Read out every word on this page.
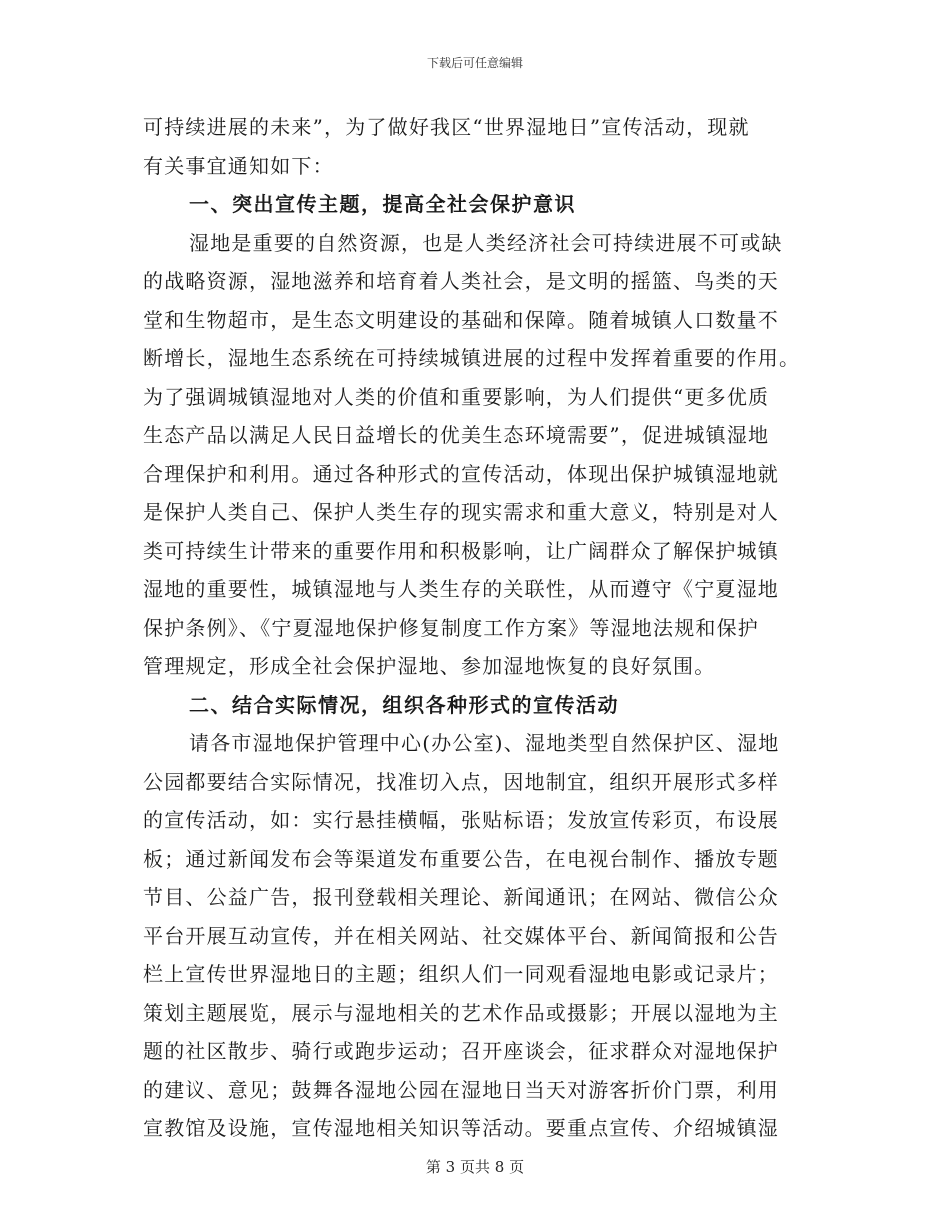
下载后可任意编辑
可持续进展的未来”，为了做好我区“世界湿地日”宣传活动，现就
有关事宜通知如下：
一、突出宣传主题，提高全社会保护意识
湿地是重要的自然资源，也是人类经济社会可持续进展不可或缺
的战略资源，湿地滋养和培育着人类社会，是文明的摇篮、鸟类的天
堂和生物超市，是生态文明建设的基础和保障。随着城镇人口数量不
断增长，湿地生态系统在可持续城镇进展的过程中发挥着重要的作用。
为了强调城镇湿地对人类的价值和重要影响，为人们提供“更多优质
生态产品以满足人民日益增长的优美生态环境需要”，促进城镇湿地
合理保护和利用。通过各种形式的宣传活动，体现出保护城镇湿地就
是保护人类自己、保护人类生存的现实需求和重大意义，特别是对人
类可持续生计带来的重要作用和积极影响，让广阔群众了解保护城镇
湿地的重要性，城镇湿地与人类生存的关联性，从而遵守《宁夏湿地
保护条例》、《宁夏湿地保护修复制度工作方案》等湿地法规和保护
管理规定，形成全社会保护湿地、参加湿地恢复的良好氛围。
二、结合实际情况，组织各种形式的宣传活动
请各市湿地保护管理中心(办公室)、湿地类型自然保护区、湿地
公园都要结合实际情况，找准切入点，因地制宜，组织开展形式多样
的宣传活动，如：实行悬挂横幅，张贴标语；发放宣传彩页，布设展
板；通过新闻发布会等渠道发布重要公告，在电视台制作、播放专题
节目、公益广告，报刊登载相关理论、新闻通讯；在网站、微信公众
平台开展互动宣传，并在相关网站、社交媒体平台、新闻简报和公告
栏上宣传世界湿地日的主题；组织人们一同观看湿地电影或记录片；
策划主题展览，展示与湿地相关的艺术作品或摄影；开展以湿地为主
题的社区散步、骑行或跑步运动；召开座谈会，征求群众对湿地保护
的建议、意见；鼓舞各湿地公园在湿地日当天对游客折价门票，利用
宣教馆及设施，宣传湿地相关知识等活动。要重点宣传、介绍城镇湿
第 3 页共 8 页
